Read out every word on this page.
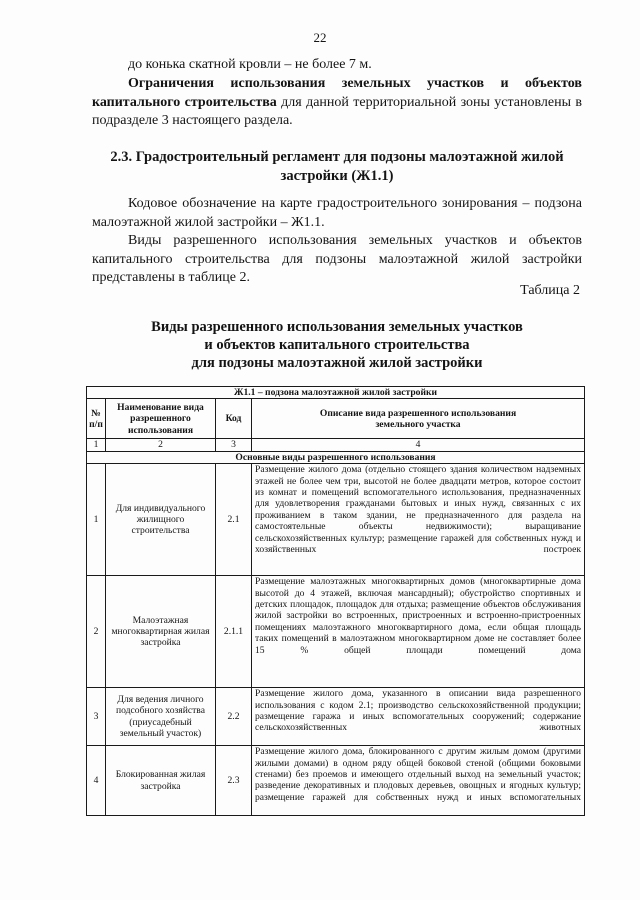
22

до конька скатной кровли – не более 7 м.

Ограничения использования земельных участков и объектов капитального строительства для данной территориальной зоны установлены в подразделе 3 настоящего раздела.

2.3. Градостроительный регламент для подзоны малоэтажной жилой застройки (Ж1.1)

Кодовое обозначение на карте градостроительного зонирования – подзона малоэтажной жилой застройки – Ж1.1.

Виды разрешенного использования земельных участков и объектов капитального строительства для подзоны малоэтажной жилой застройки представлены в таблице 2.

Таблица 2
Виды разрешенного использования земельных участков
и объектов капитального строительства
для подзоны малоэтажной жилой застройки
Ж1.1 – подзона малоэтажной жилой застройки			
№ п/п	Наименование вида разрешенного использования	Код	Описание вида разрешенного использования земельного участка
1	2	3	4
Основные виды разрешенного использования			
1	Для индивидуального жилищного строительства	2.1	Размещение жилого дома (отдельно стоящего здания количеством надземных этажей не более чем три, высотой не более двадцати метров, которое состоит из комнат и помещений вспомогательного использования, предназначенных для удовлетворения гражданами бытовых и иных нужд, связанных с их проживанием в таком здании, не предназначенного для раздела на самостоятельные объекты недвижимости); выращивание сельскохозяйственных культур; размещение гаражей для собственных нужд и хозяйственных построек
2	Малоэтажная многоквартирная жилая застройка	2.1.1	Размещение малоэтажных многоквартирных домов (многоквартирные дома высотой до 4 этажей, включая мансардный); обустройство спортивных и детских площадок, площадок для отдыха; размещение объектов обслуживания жилой застройки во встроенных, пристроенных и встроенно-пристроенных помещениях малоэтажного многоквартирного дома, если общая площадь таких помещений в малоэтажном многоквартирном доме не составляет более 15 % общей площади помещений дома
3	Для ведения личного подсобного хозяйства (приусадебный земельный участок)	2.2	Размещение жилого дома, указанного в описании вида разрешенного использования с кодом 2.1; производство сельскохозяйственной продукции; размещение гаража и иных вспомогательных сооружений; содержание сельскохозяйственных животных
4	Блокированная жилая застройка	2.3	Размещение жилого дома, блокированного с другим жилым домом (другими жилыми домами) в одном ряду общей боковой стеной (общими боковыми стенами) без проемов и имеющего отдельный выход на земельный участок; разведение декоративных и плодовых деревьев, овощных и ягодных культур; размещение гаражей для собственных нужд и иных вспомогательных
